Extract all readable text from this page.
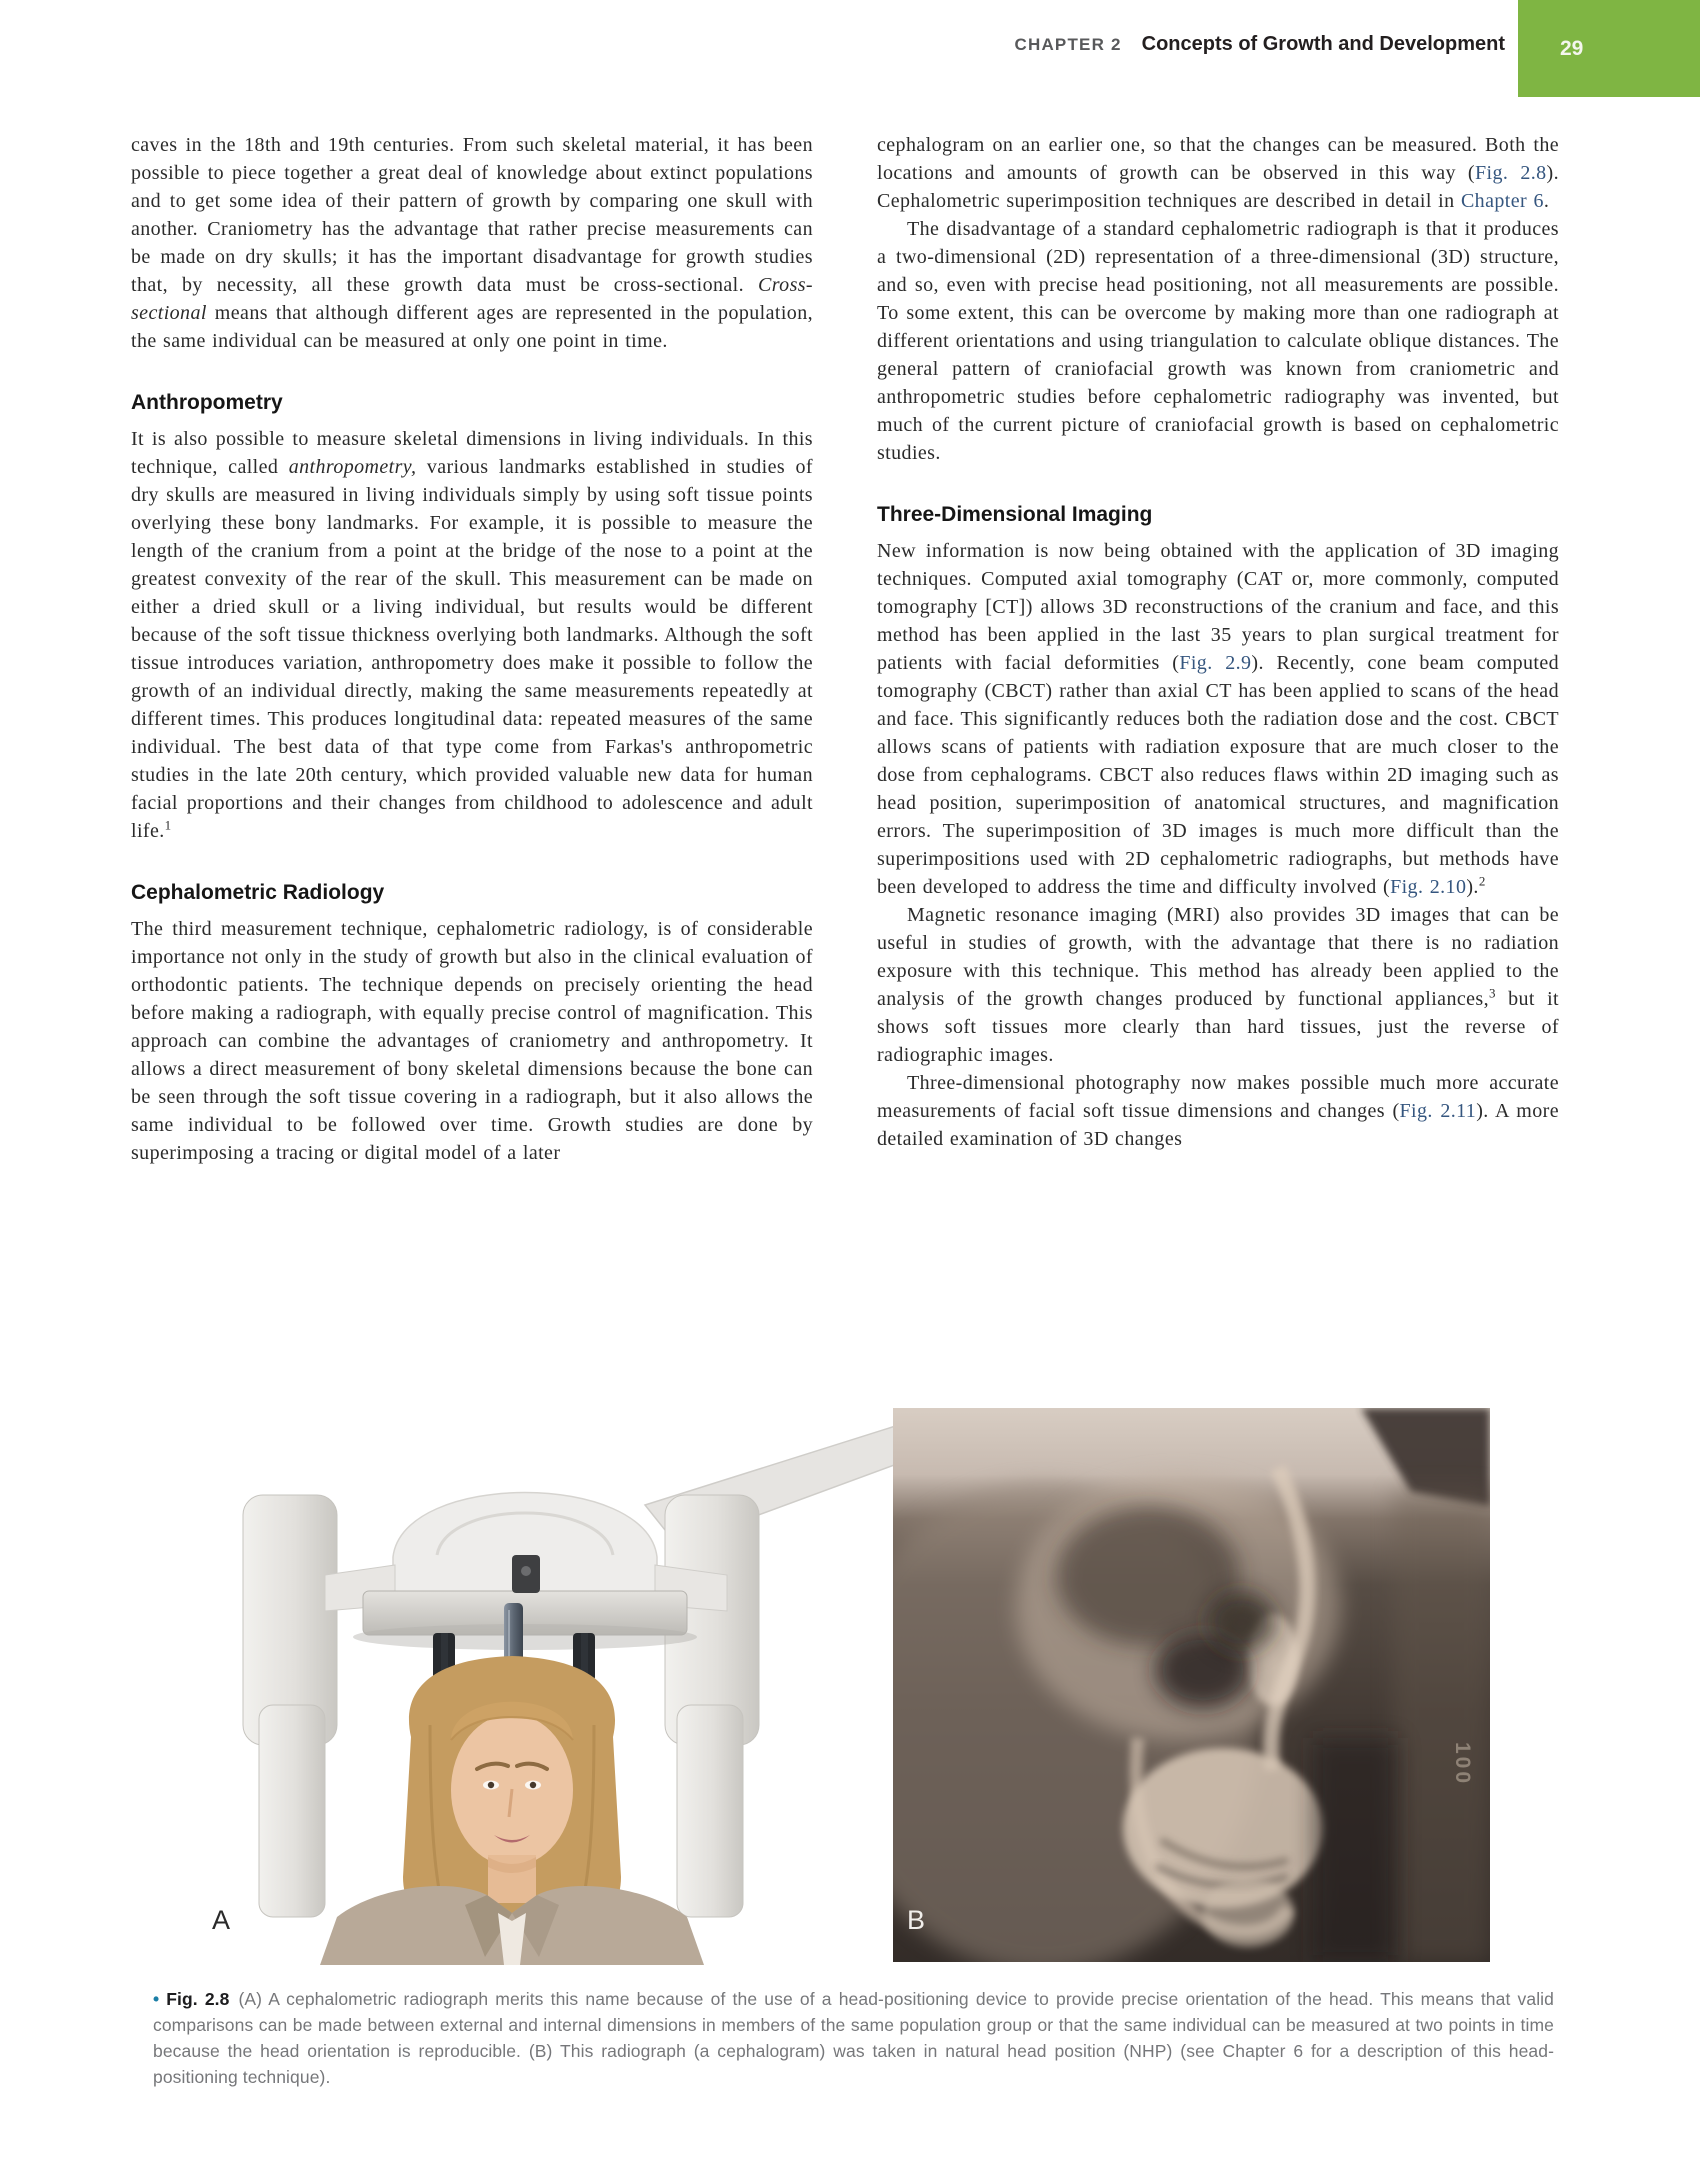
CHAPTER 2 Concepts of Growth and Development	29

caves in the 18th and 19th centuries. From such skeletal material, it has been possible to piece together a great deal of knowledge about extinct populations and to get some idea of their pattern of growth by comparing one skull with another. Craniometry has the advantage that rather precise measurements can be made on dry skulls; it has the important disadvantage for growth studies that, by necessity, all these growth data must be cross-sectional. Cross-sectional means that although different ages are represented in the population, the same individual can be measured at only one point in time.

Anthropometry

It is also possible to measure skeletal dimensions in living individuals. In this technique, called anthropometry, various landmarks established in studies of dry skulls are measured in living individuals simply by using soft tissue points overlying these bony landmarks. For example, it is possible to measure the length of the cranium from a point at the bridge of the nose to a point at the greatest convexity of the rear of the skull. This measurement can be made on either a dried skull or a living individual, but results would be different because of the soft tissue thickness overlying both landmarks. Although the soft tissue introduces variation, anthropometry does make it possible to follow the growth of an individual directly, making the same measurements repeatedly at different times. This produces longitudinal data: repeated measures of the same individual. The best data of that type come from Farkas's anthropometric studies in the late 20th century, which provided valuable new data for human facial proportions and their changes from childhood to adolescence and adult life.$^1$

Cephalometric Radiology

The third measurement technique, cephalometric radiology, is of considerable importance not only in the study of growth but also in the clinical evaluation of orthodontic patients. The technique depends on precisely orienting the head before making a radiograph, with equally precise control of magnification. This approach can combine the advantages of craniometry and anthropometry. It allows a direct measurement of bony skeletal dimensions because the bone can be seen through the soft tissue covering in a radiograph, but it also allows the same individual to be followed over time. Growth studies are done by superimposing a tracing or digital model of a later

cephalogram on an earlier one, so that the changes can be measured. Both the locations and amounts of growth can be observed in this way (Fig. 2.8). Cephalometric superimposition techniques are described in detail in Chapter 6.

The disadvantage of a standard cephalometric radiograph is that it produces a two-dimensional (2D) representation of a three-dimensional (3D) structure, and so, even with precise head positioning, not all measurements are possible. To some extent, this can be overcome by making more than one radiograph at different orientations and using triangulation to calculate oblique distances. The general pattern of craniofacial growth was known from craniometric and anthropometric studies before cephalometric radiography was invented, but much of the current picture of craniofacial growth is based on cephalometric studies.

Three-Dimensional Imaging

New information is now being obtained with the application of 3D imaging techniques. Computed axial tomography (CAT or, more commonly, computed tomography [CT]) allows 3D reconstructions of the cranium and face, and this method has been applied in the last 35 years to plan surgical treatment for patients with facial deformities (Fig. 2.9). Recently, cone beam computed tomography (CBCT) rather than axial CT has been applied to scans of the head and face. This significantly reduces both the radiation dose and the cost. CBCT allows scans of patients with radiation exposure that are much closer to the dose from cephalograms. CBCT also reduces flaws within 2D imaging such as head position, superimposition of anatomical structures, and magnification errors. The superimposition of 3D images is much more difficult than the superimpositions used with 2D cephalometric radiographs, but methods have been developed to address the time and difficulty involved (Fig. 2.10).$^2$

Magnetic resonance imaging (MRI) also provides 3D images that can be useful in studies of growth, with the advantage that there is no radiation exposure with this technique. This method has already been applied to the analysis of the growth changes produced by functional appliances,$^3$ but it shows soft tissues more clearly than hard tissues, just the reverse of radiographic images.

Three-dimensional photography now makes possible much more accurate measurements of facial soft tissue dimensions and changes (Fig. 2.11). A more detailed examination of 3D changes

100
A	B

• Fig. 2.8 (A) A cephalometric radiograph merits this name because of the use of a head-positioning device to provide precise orientation of the head. This means that valid comparisons can be made between external and internal dimensions in members of the same population group or that the same individual can be measured at two points in time because the head orientation is reproducible. (B) This radiograph (a cephalogram) was taken in natural head position (NHP) (see Chapter 6 for a description of this head-positioning technique).
